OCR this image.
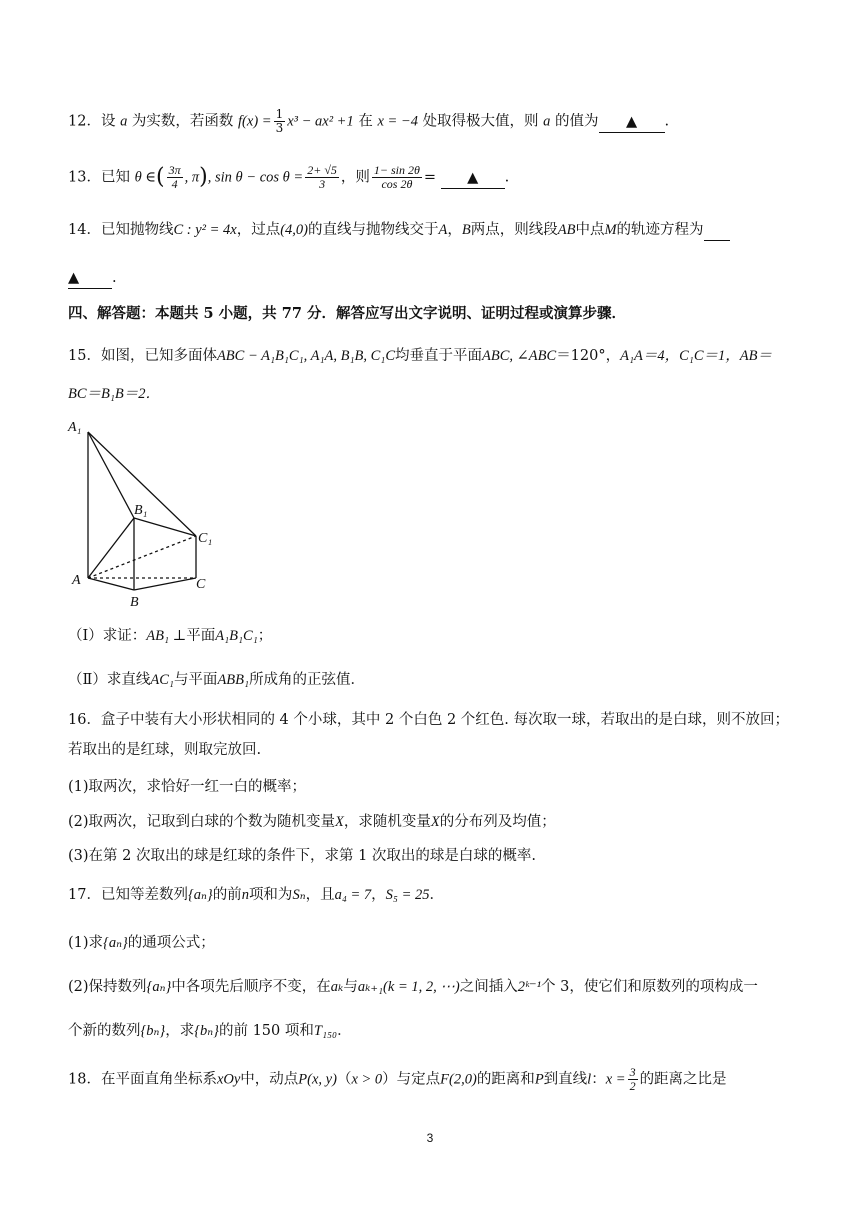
12．设 a 为实数，若函数 $f(x) = \frac{1}{3} x^3 - ax^2 +1$ 在 x = −4 处取得极大值，则 a 的值为 ▲ .
13．已知 θ ∈( $\frac{3\pi}{4}$ , π), $\sin \theta - \cos \theta = \frac{2+ √5}{3}$ ，则 $\frac{1- \sin 2\theta}{\cos 2\theta}$ = ▲ .
14．已知抛物线C : y² = 4x，过点(4,0)的直线与抛物线交于A，B两点，则线段AB中点M的轨迹方程为
▲ .
四、解答题：本题共 5 小题，共 77 分．解答应写出文字说明、证明过程或演算步骤．
15．如图，已知多面体ABC − A₁B₁C₁, A₁A, B₁B, C₁C均垂直于平面ABC, ∠ABC＝120°，A₁A＝4，C₁C＝1，AB＝
BC＝B₁B＝2．
A₁
B₁
C₁
A
B
C
（Ⅰ）求证：AB₁ ⊥平面A₁B₁C₁；
（Ⅱ）求直线AC₁与平面ABB₁所成角的正弦值．
16．盒子中装有大小形状相同的 4 个小球，其中 2 个白色 2 个红色. 每次取一球，若取出的是白球，则不放回；
若取出的是红球，则取完放回.
(1)取两次，求恰好一红一白的概率；
(2)取两次，记取到白球的个数为随机变量X，求随机变量X的分布列及均值；
(3)在第 2 次取出的球是红球的条件下，求第 1 次取出的球是白球的概率.
17．已知等差数列{aₙ}的前n项和为Sₙ，且a₄ = 7，S₅ = 25．
(1)求{aₙ}的通项公式；
(2)保持数列{aₙ}中各项先后顺序不变，在aₖ与aₖ₊₁(k = 1, 2, ⋯)之间插入2ᵏ⁻¹个 3，使它们和原数列的项构成一
个新的数列{bₙ}，求{bₙ}的前 150 项和T₁₅₀．
18．在平面直角坐标系xOy中，动点P(x, y)（x > 0）与定点F(2,0)的距离和P到直线l：$x = \frac{3}{2}$ 的距离之比是
3
